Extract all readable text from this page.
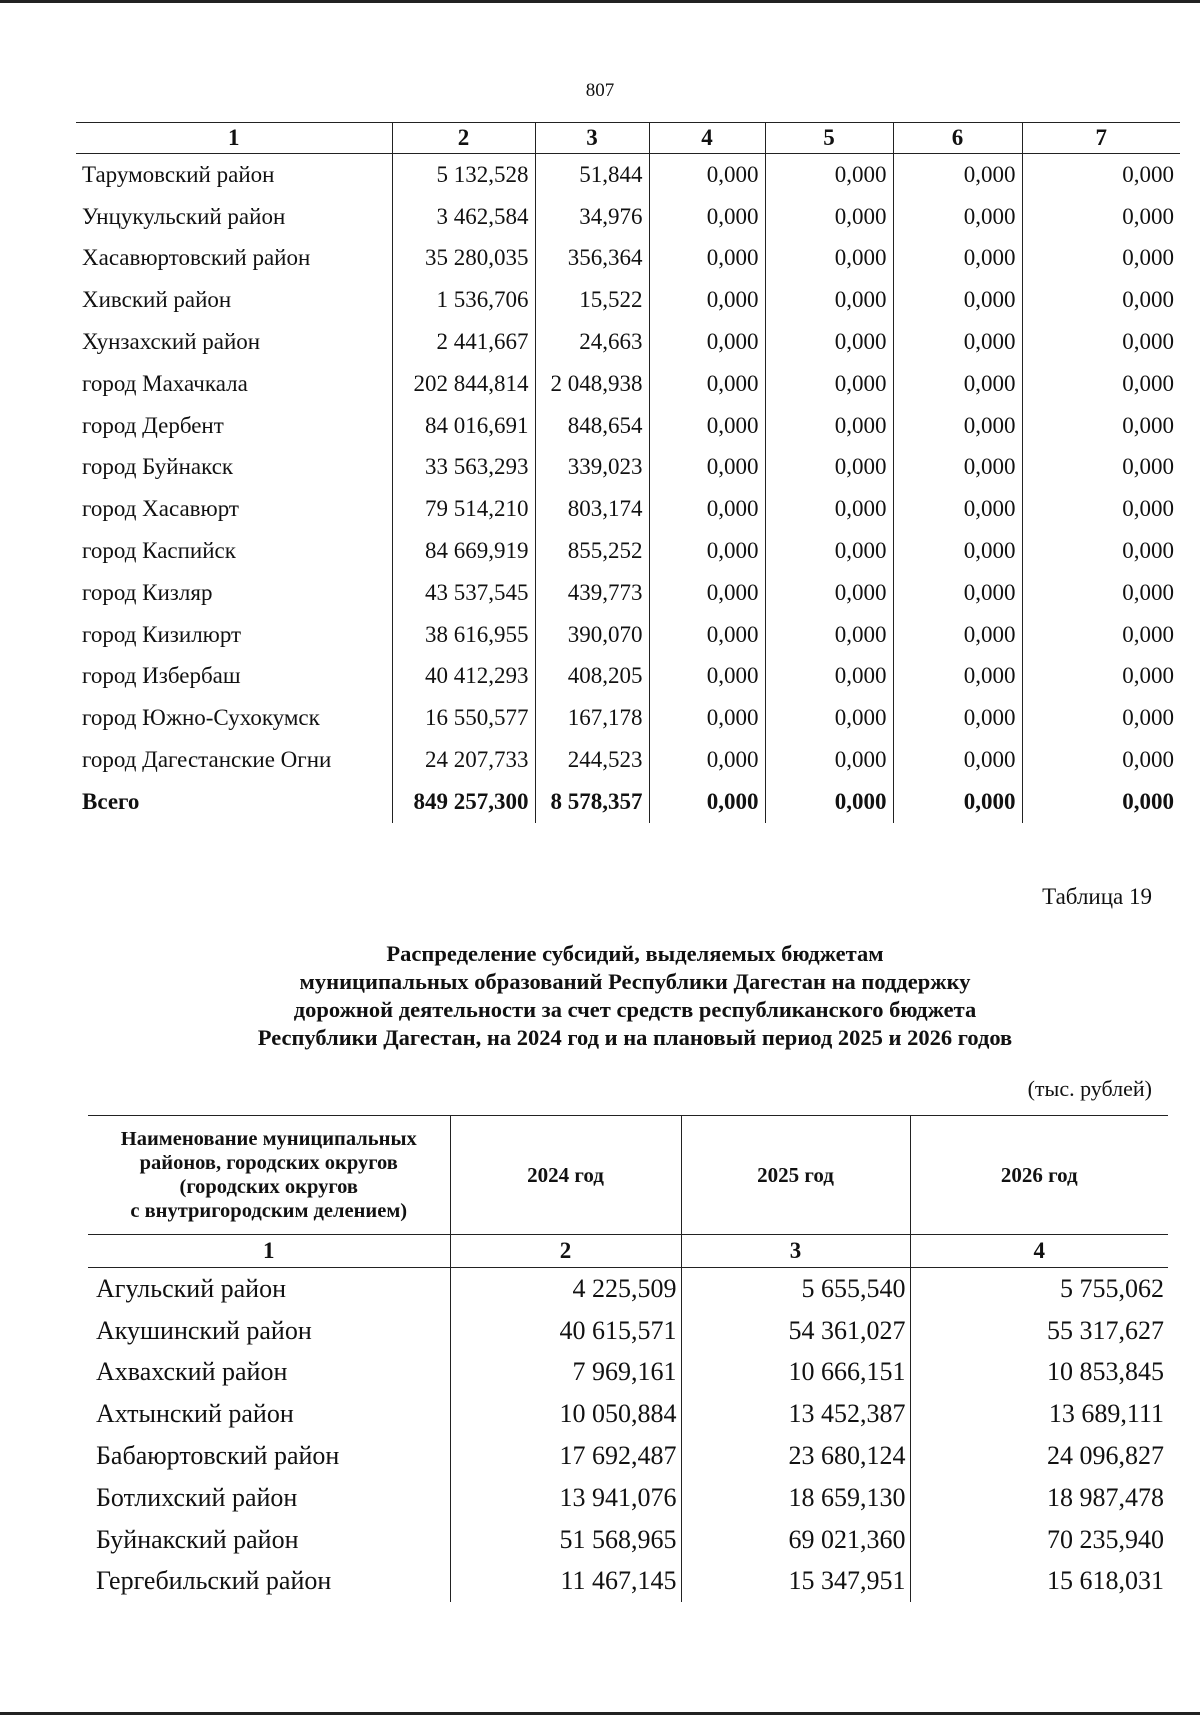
807
1	2	3	4	5	6	7
Тарумовский район	5 132,528	51,844	0,000	0,000	0,000	0,000
Унцукульский район	3 462,584	34,976	0,000	0,000	0,000	0,000
Хасавюртовский район	35 280,035	356,364	0,000	0,000	0,000	0,000
Хивский район	1 536,706	15,522	0,000	0,000	0,000	0,000
Хунзахский район	2 441,667	24,663	0,000	0,000	0,000	0,000
город Махачкала	202 844,814	2 048,938	0,000	0,000	0,000	0,000
город Дербент	84 016,691	848,654	0,000	0,000	0,000	0,000
город Буйнакск	33 563,293	339,023	0,000	0,000	0,000	0,000
город Хасавюрт	79 514,210	803,174	0,000	0,000	0,000	0,000
город Каспийск	84 669,919	855,252	0,000	0,000	0,000	0,000
город Кизляр	43 537,545	439,773	0,000	0,000	0,000	0,000
город Кизилюрт	38 616,955	390,070	0,000	0,000	0,000	0,000
город Избербаш	40 412,293	408,205	0,000	0,000	0,000	0,000
город Южно-Сухокумск	16 550,577	167,178	0,000	0,000	0,000	0,000
город Дагестанские Огни	24 207,733	244,523	0,000	0,000	0,000	0,000
Всего	849 257,300	8 578,357	0,000	0,000	0,000	0,000
Таблица 19
Распределение субсидий, выделяемых бюджетам
муниципальных образований Республики Дагестан на поддержку
дорожной деятельности за счет средств республиканского бюджета
Республики Дагестан, на 2024 год и на плановый период 2025 и 2026 годов
(тыс. рублей)
Наименование муниципальных
районов, городских округов
(городских округов
с внутригородским делением)	2024 год	2025 год	2026 год
1	2	3	4
Агульский район	4 225,509	5 655,540	5 755,062
Акушинский район	40 615,571	54 361,027	55 317,627
Ахвахский район	7 969,161	10 666,151	10 853,845
Ахтынский район	10 050,884	13 452,387	13 689,111
Бабаюртовский район	17 692,487	23 680,124	24 096,827
Ботлихский район	13 941,076	18 659,130	18 987,478
Буйнакский район	51 568,965	69 021,360	70 235,940
Гергебильский район	11 467,145	15 347,951	15 618,031
